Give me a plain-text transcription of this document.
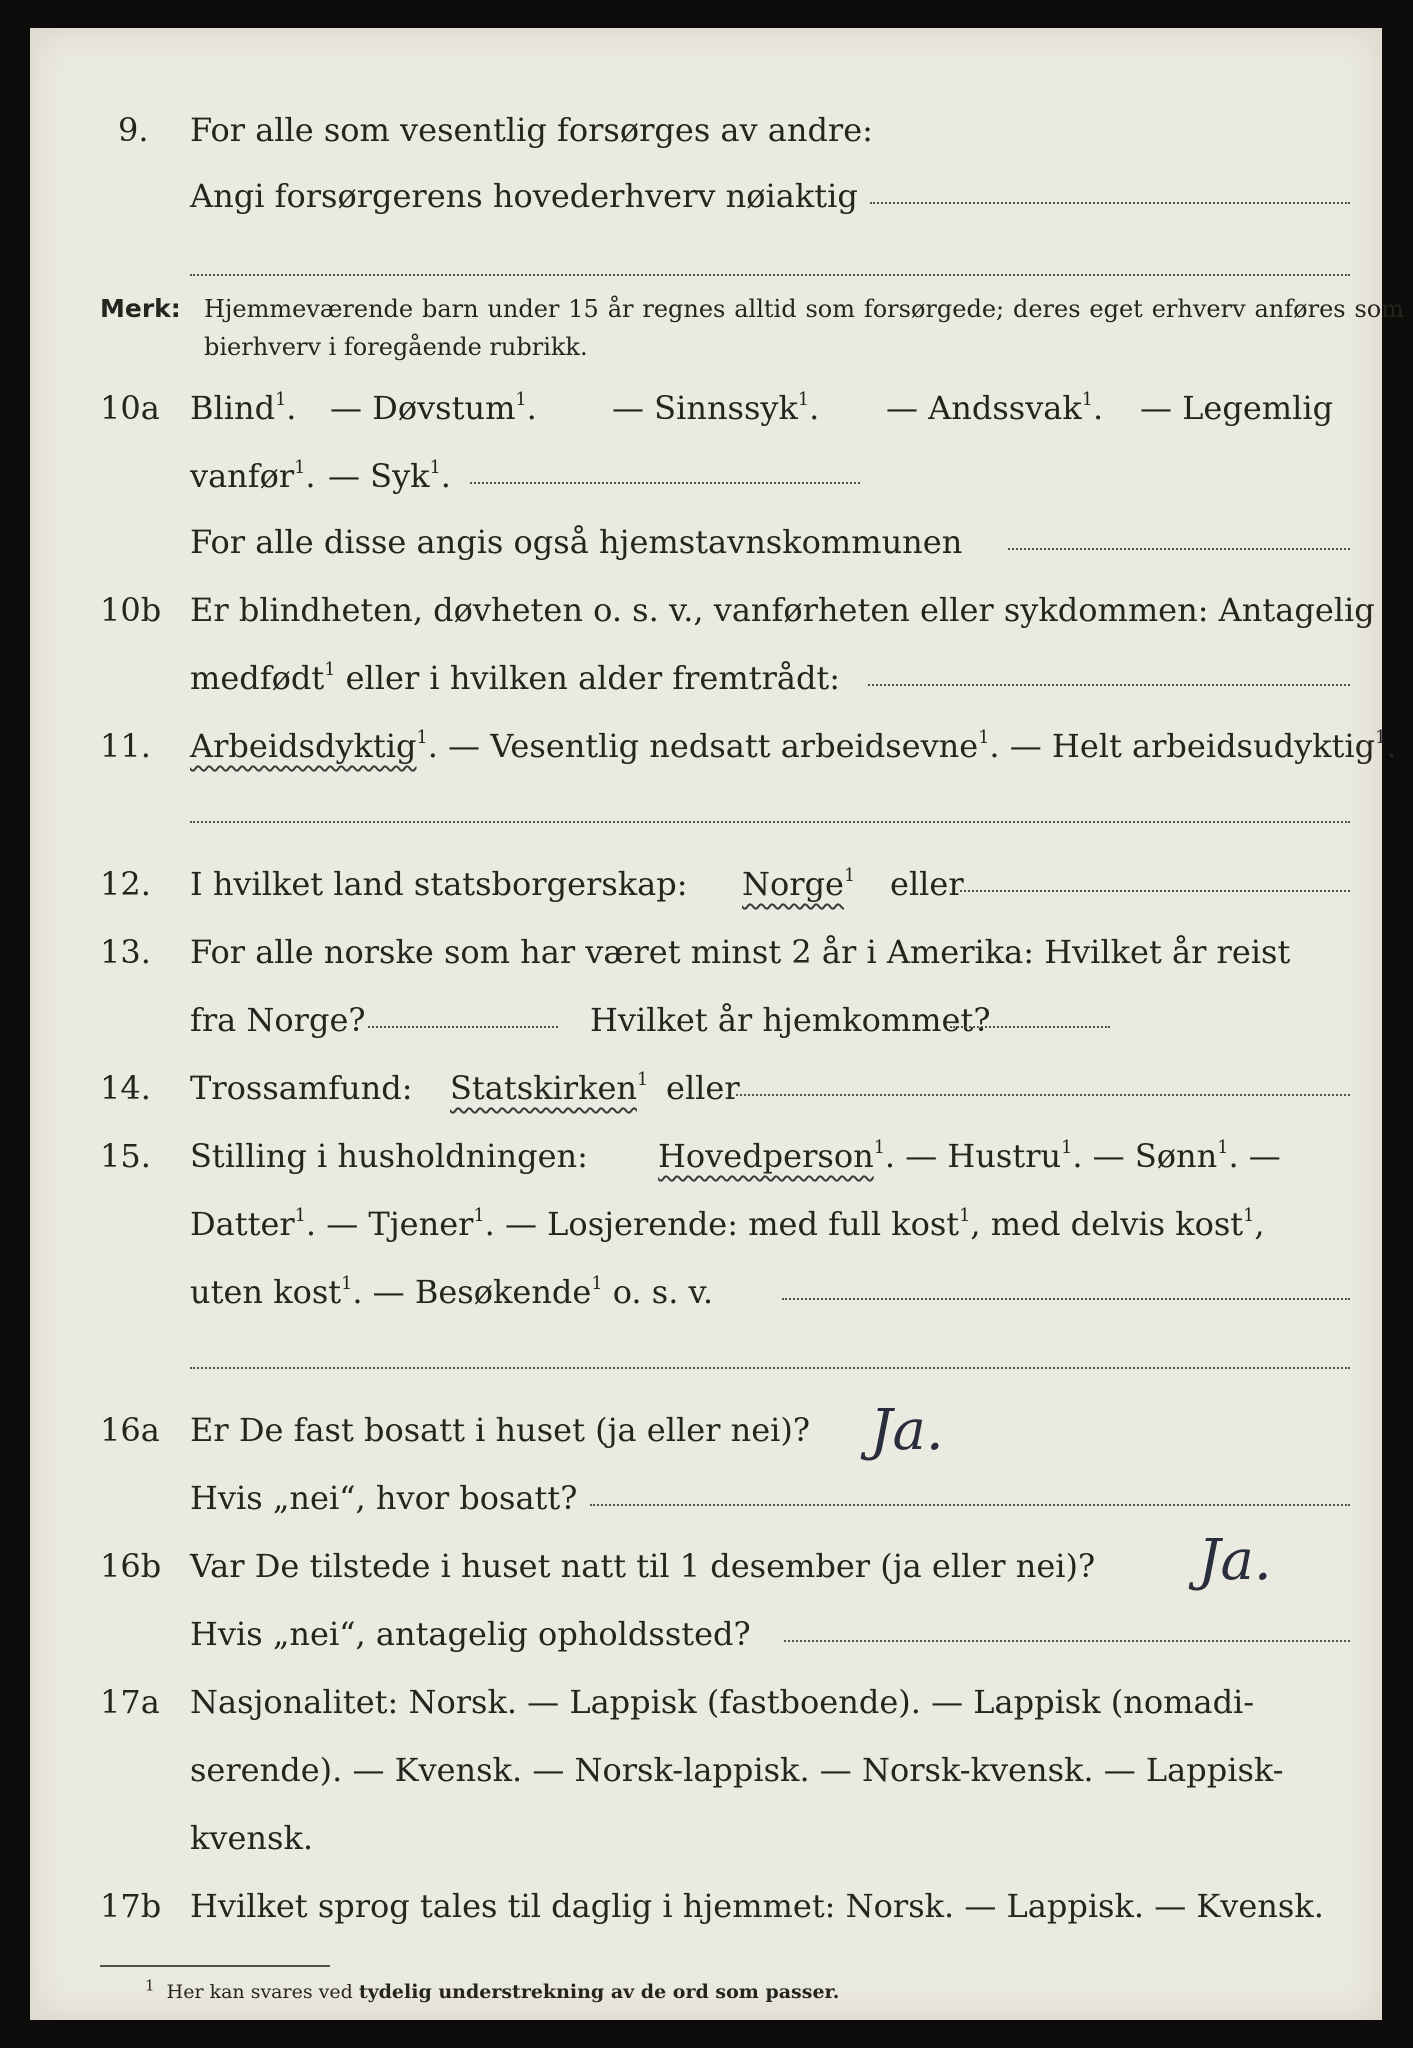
9.	For alle som vesentlig forsørges av andre:
Angi forsørgerens hovederhverv nøiaktig
Merk: Hjemmeværende barn under 15 år regnes alltid som forsørgede; deres eget erhverv anføres som bierhverv i foregående rubrikk.
10a Blind$^1$. — Døvstum$^1$. — Sinnssyk$^1$. — Andssvak$^1$. — Legemlig
vanfør$^1$. — Syk$^1$.
For alle disse angis også hjemstavnskommunen
10b Er blindheten, døvheten o. s. v., vanførheten eller sykdommen: Antagelig
medfødt$^1$ eller i hvilken alder fremtrådt:
11.	Arbeidsdyktig$^1$. — Vesentlig nedsatt arbeidsevne$^1$. — Helt arbeidsudyktig$^1$.
12.	I hvilket land statsborgerskap: Norge$^1$ eller
13.	For alle norske som har været minst 2 år i Amerika: Hvilket år reist
fra Norge?	Hvilket år hjemkommet?
14.	Trossamfund: Statskirken$^1$ eller
15.	Stilling i husholdningen: Hovedperson$^1$. — Hustru$^1$. — Sønn$^1$. —
Datter$^1$. — Tjener$^1$. — Losjerende: med full kost$^1$, med delvis kost$^1$,
uten kost$^1$. — Besøkende$^1$ o. s. v.
16a Er De fast bosatt i huset (ja eller nei)? Ja.
Hvis „nei“, hvor bosatt?
16b Var De tilstede i huset natt til 1 desember (ja eller nei)? Ja.
Hvis „nei“, antagelig opholdssted?
17a Nasjonalitet: Norsk. — Lappisk (fastboende). — Lappisk (nomadi-
serende). — Kvensk. — Norsk-lappisk. — Norsk-kvensk. — Lappisk-
kvensk.
17b Hvilket sprog tales til daglig i hjemmet: Norsk. — Lappisk. — Kvensk.
$^1$ Her kan svares ved tydelig understrekning av de ord som passer.
